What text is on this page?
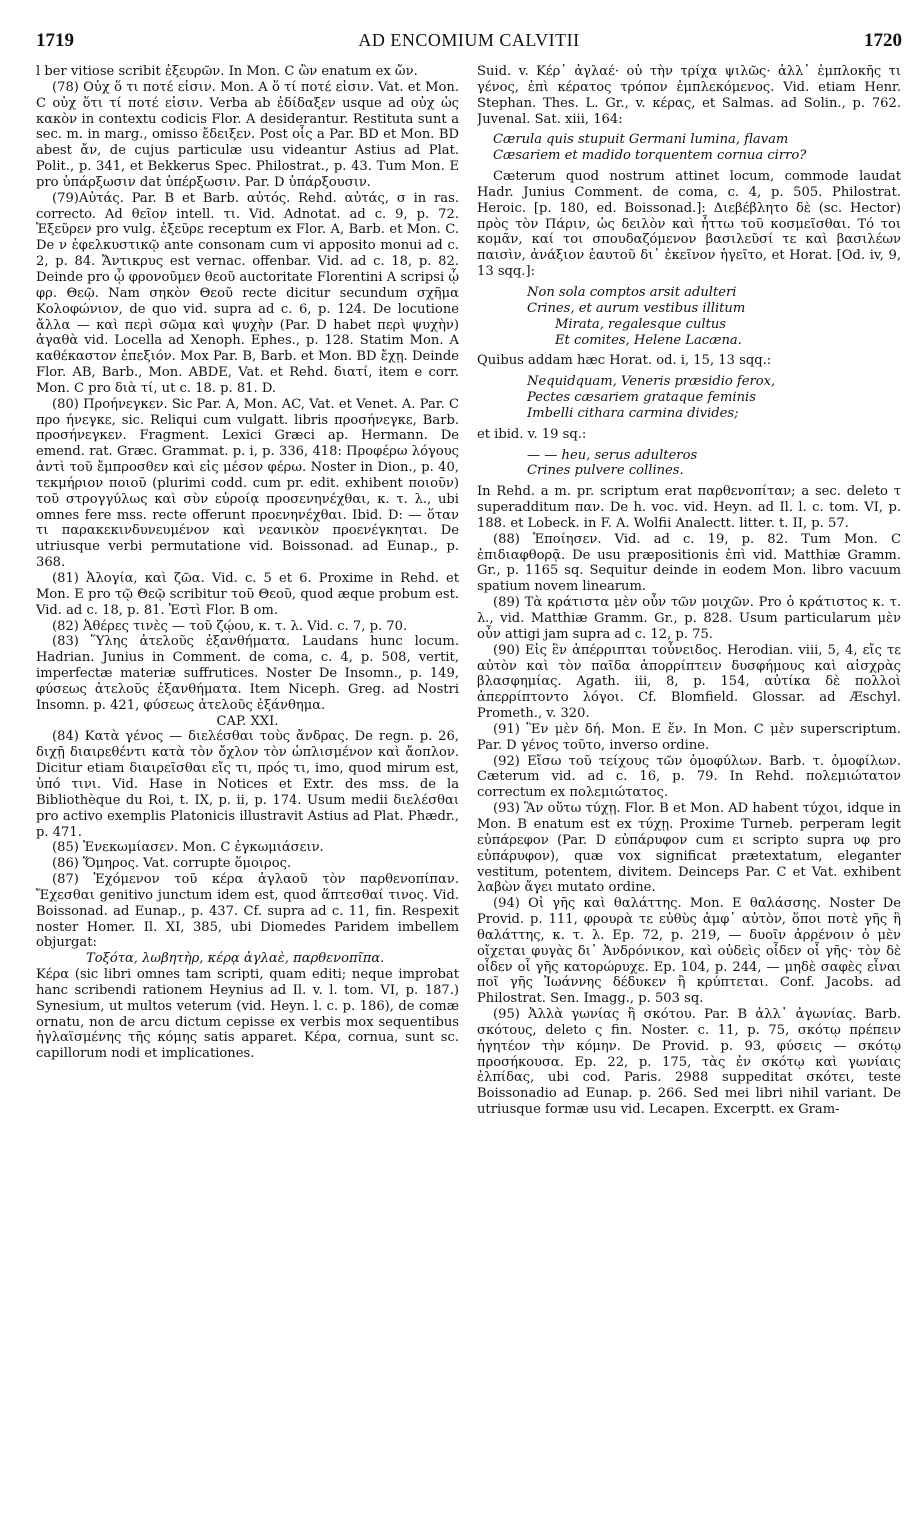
1719	AD ENCOMIUM CALVITII	1720

l ber vitiose scribit ἐξευρῶν. In Mon. C ὢν enatum ex ὤν.

(78) Οὐχ ὅ τι ποτέ εἰσιν. Mon. A ὅ τί ποτέ εἰσιν. Vat. et Mon. C οὐχ ὅτι τί ποτέ εἰσιν. Verba ab ἐδίδαξεν usque ad οὐχ ὡς κακὸν in contextu codicis Flor. A desiderantur. Restituta sunt a sec. m. in marg., omisso ἔδειξεν. Post οἷς a Par. BD et Mon. BD abest ἄν, de cujus particulæ usu videantur Astius ad Plat. Polit., p. 341, et Bekkerus Spec. Philostrat., p. 43. Tum Mon. E pro ὑπάρξωσιν dat ὑπέρξωσιν. Par. D ὑπάρξουσιν.

(79)Αὐτάς. Par. B et Barb. αὐτός. Rehd. αὐτάς, σ in ras. correcto. Ad θεῖον intell. τι. Vid. Adnotat. ad c. 9, p. 72. Ἐξεῦρεν pro vulg. ἐξεῦρε receptum ex Flor. A, Barb. et Mon. C. De ν ἐφελκυστικῷ ante consonam cum vi apposito monui ad c. 2, p. 84. Ἄντικρυς est vernac. offenbar. Vid. ad c. 18, p. 82. Deinde pro ᾧ φρονοῦμεν θεοῦ auctoritate Florentini A scripsi ᾧ φρ. Θεῷ. Nam σηκὸν Θεοῦ recte dicitur secundum σχῆμα Κολοφώνιον, de quo vid. supra ad c. 6, p. 124. De locutione ἄλλα — καὶ περὶ σῶμα καὶ ψυχὴν (Par. D habet περὶ ψυχὴν) ἀγαθὰ vid. Locella ad Xenoph. Ephes., p. 128. Statim Mon. A καθέκαστον ἐπεξιόν. Mox Par. B, Barb. et Mon. BD ἔχῃ. Deinde Flor. AB, Barb., Mon. ABDE, Vat. et Rehd. διατί, item e corr. Mon. C pro διὰ τί, ut c. 18. p. 81. D.

(80) Προήνεγκεν. Sic Par. A, Mon. AC, Vat. et Venet. A. Par. C προ ήνεγκε, sic. Reliqui cum vulgatt. libris προσήνεγκε, Barb. προσήνεγκεν. Fragment. Lexici Græci ap. Hermann. De emend. rat. Græc. Grammat. p. i, p. 336, 418: Προφέρω λόγους ἀντὶ τοῦ ἔμπροσθεν καὶ εἰς μέσον φέρω. Noster in Dion., p. 40, τεκμήριον ποιοῦ (plurimi codd. cum pr. edit. exhibent ποιοῦν) τοῦ στρογγύλως καὶ σὺν εὐροίᾳ προσενηνέχθαι, κ. τ. λ., ubi omnes fere mss. recte offerunt προενηνέχθαι. Ibid. D: — ὅταν τι παρακεκινδυνευμένον καὶ νεανικὸν προενέγκηται. De utriusque verbi permutatione vid. Boissonad. ad Eunap., p. 368.

(81) Ἀλογία, καὶ ζῶα. Vid. c. 5 et 6. Proxime in Rehd. et Mon. E pro τῷ Θεῷ scribitur τοῦ Θεοῦ, quod æque probum est. Vid. ad c. 18, p. 81. Ἐστὶ Flor. B om.

(82) Ἀθέρες τινὲς — τοῦ ζῴου, κ. τ. λ. Vid. c. 7, p. 70.

(83) Ὕλης ἀτελοῦς ἐξανθήματα. Laudans hunc locum. Hadrian. Junius in Comment. de coma, c. 4, p. 508, vertit, imperfectæ materiæ suffrutices. Noster De Insomn., p. 149, φύσεως ἀτελοῦς ἐξανθήματα. Item Niceph. Greg. ad Nostri Insomn. p. 421, φύσεως ἀτελοῦς ἐξάνθημα.

CAP. XXI.

(84) Κατὰ γένος — διελέσθαι τοὺς ἄνδρας. De regn. p. 26, διχῇ διαιρεθέντι κατὰ τὸν ὄχλον τὸν ὡπλισμένον καὶ ἄοπλον. Dicitur etiam διαιρεῖσθαι εἴς τι, πρός τι, imo, quod mirum est, ὑπό τινι. Vid. Hase in Notices et Extr. des mss. de la Bibliothèque du Roi, t. IX, p. ii, p. 174. Usum medii διελέσθαι pro activo exemplis Platonicis illustravit Astius ad Plat. Phædr., p. 471.

(85) Ἐνεκωμίασεν. Mon. C ἐγκωμιάσειν.

(86) Ὅμηρος. Vat. corrupte ὅμοιρος.

(87) Ἐχόμενον τοῦ κέρα ἀγλαοῦ τὸν παρθενοπίπαν. Ἔχεσθαι genitivo junctum idem est, quod ἅπτεσθαί τινος. Vid. Boissonad. ad Eunap., p. 437. Cf. supra ad c. 11, fin. Respexit noster Homer. Il. XI, 385, ubi Diomedes Paridem imbellem objurgat:

Τοξότα, λωβητὴρ, κέρᾳ ἀγλαὲ, παρθενοπῖπα.

Κέρα (sic libri omnes tam scripti, quam editi; neque improbat hanc scribendi rationem Heynius ad Il. v. l. tom. VI, p. 187.) Synesium, ut multos veterum (vid. Heyn. l. c. p. 186), de comæ ornatu, non de arcu dictum cepisse ex verbis mox sequentibus ἡγλαϊσμένης τῆς κόμης satis apparet. Κέρα, cornua, sunt sc. capillorum nodi et implicationes.

Suid. v. Κέρ᾿ ἀγλαέ· οὐ τὴν τρίχα ψιλῶς· ἀλλ᾿ ἐμπλοκῆς τι γένος, ἐπὶ κέρατος τρόπον ἐμπλεκόμενος. Vid. etiam Henr. Stephan. Thes. L. Gr., v. κέρας, et Salmas. ad Solin., p. 762. Juvenal. Sat. xiii, 164:

Cærula quis stupuit Germani lumina, flavam
Cæsariem et madido torquentem cornua cirro?

Cæterum quod nostrum attinet locum, commode laudat Hadr. Junius Comment. de coma, c. 4, p. 505. Philostrat. Heroic. [p. 180, ed. Boissonad.]: Διεβέβλητο δὲ (sc. Hector) πρὸς τὸν Πάριν, ὡς δειλὸν καὶ ἧττω τοῦ κοσμεῖσθαι. Τό τοι κομᾶν, καί τοι σπουδαζόμενον βασιλεῦσί τε καὶ βασιλέων παισὶν, ἀνάξιον ἑαυτοῦ δι᾿ ἐκεῖνον ἡγεῖτο, et Horat. [Od. iv, 9, 13 sqq.]:

Non sola comptos arsit adulteri
Crines, et aurum vestibus illitum
Mirata, regalesque cultus
Et comites, Helene Lacæna.

Quibus addam hæc Horat. od. i, 15, 13 sqq.:

Nequidquam, Veneris præsidio ferox,
Pectes cæsariem grataque feminis
Imbelli cithara carmina divides;

et ibid. v. 19 sq.:

— — heu, serus adulteros
Crines pulvere collines.

In Rehd. a m. pr. scriptum erat παρθενοπίταν; a sec. deleto τ superadditum παν. De h. voc. vid. Heyn. ad Il. l. c. tom. VI, p. 188. et Lobeck. in F. A. Wolfii Analectt. litter. t. II, p. 57.

(88) Ἐποίησεν. Vid. ad c. 19, p. 82. Tum Mon. C ἐπιδιαφθορᾷ. De usu præpositionis ἐπὶ vid. Matthiæ Gramm. Gr., p. 1165 sq. Sequitur deinde in eodem Mon. libro vacuum spatium novem linearum.

(89) Τὰ κράτιστα μὲν οὖν τῶν μοιχῶν. Pro ὁ κράτιστος κ. τ. λ., vid. Matthiæ Gramm. Gr., p. 828. Usum particularum μὲν οὖν attigi jam supra ad c. 12, p. 75.

(90) Εἰς ἓν ἀπέρριπται τοὖνειδος. Herodian. viii, 5, 4, εἴς τε αὐτὸν καὶ τὸν παῖδα ἀπορρίπτειν δυσφήμους καὶ αἰσχρὰς βλασφημίας. Agath. iii, 8, p. 154, αὐτίκα δὲ πολλοὶ ἀπερρίπτοντο λόγοι. Cf. Blomfield. Glossar. ad Æschyl. Prometh., v. 320.

(91) Ἓν μὲν δή. Mon. E ἕν. In Mon. C μὲν superscriptum. Par. D γένος τοῦτο, inverso ordine.

(92) Εἴσω τοῦ τείχους τῶν ὁμοφύλων. Barb. τ. ὁμοφίλων. Cæterum vid. ad c. 16, p. 79. In Rehd. πολεμιώτατον correctum ex πολεμιώτατος.

(93) Ἂν οὕτω τύχῃ. Flor. B et Mon. AD habent τύχοι, idque in Mon. B enatum est ex τύχῃ. Proxime Turneb. perperam legit εὐπάρεφον (Par. D εὐπάρυφον cum ει scripto supra υφ pro εὐπάρυφον), quæ vox significat prætextatum, eleganter vestitum, potentem, divitem. Deinceps Par. C et Vat. exhibent λαβὼν ἄγει mutato ordine.

(94) Οἱ γῆς καὶ θαλάττης. Mon. E θαλάσσης. Noster De Provid. p. 111, φρουρὰ τε εὐθὺς ἀμφ᾿ αὐτὸν, ὅποι ποτὲ γῆς ἢ θαλάττης, κ. τ. λ. Ep. 72, p. 219, — δυοῖν ἀρρένοιν ὁ μὲν οἴχεται φυγὰς δι᾿ Ἀνδρόνικον, καὶ οὐδεὶς οἶδεν οἷ γῆς· τὸν δὲ οἶδεν οἷ γῆς κατορώρυχε. Ep. 104, p. 244, — μηδὲ σαφὲς εἶναι ποῖ γῆς Ἰωάννης δέδυκεν ἢ κρύπτεται. Conf. Jacobs. ad Philostrat. Sen. Imagg., p. 503 sq.

(95) Ἀλλὰ γωνίας ἢ σκότου. Par. B ἀλλ᾿ ἀγωνίας. Barb. σκότους, deleto ς fin. Noster. c. 11, p. 75, σκότῳ πρέπειν ἡγητέον τὴν κόμην. De Provid. p. 93, φύσεις — σκότῳ προσήκουσα. Ep. 22, p. 175, τὰς ἐν σκότῳ καὶ γωνίαις ἐλπίδας, ubi cod. Paris. 2988 suppeditat σκότει, teste Boissonadio ad Eunap. p. 266. Sed mei libri nihil variant. De utriusque formæ usu vid. Lecapen. Excerptt. ex Gram-
